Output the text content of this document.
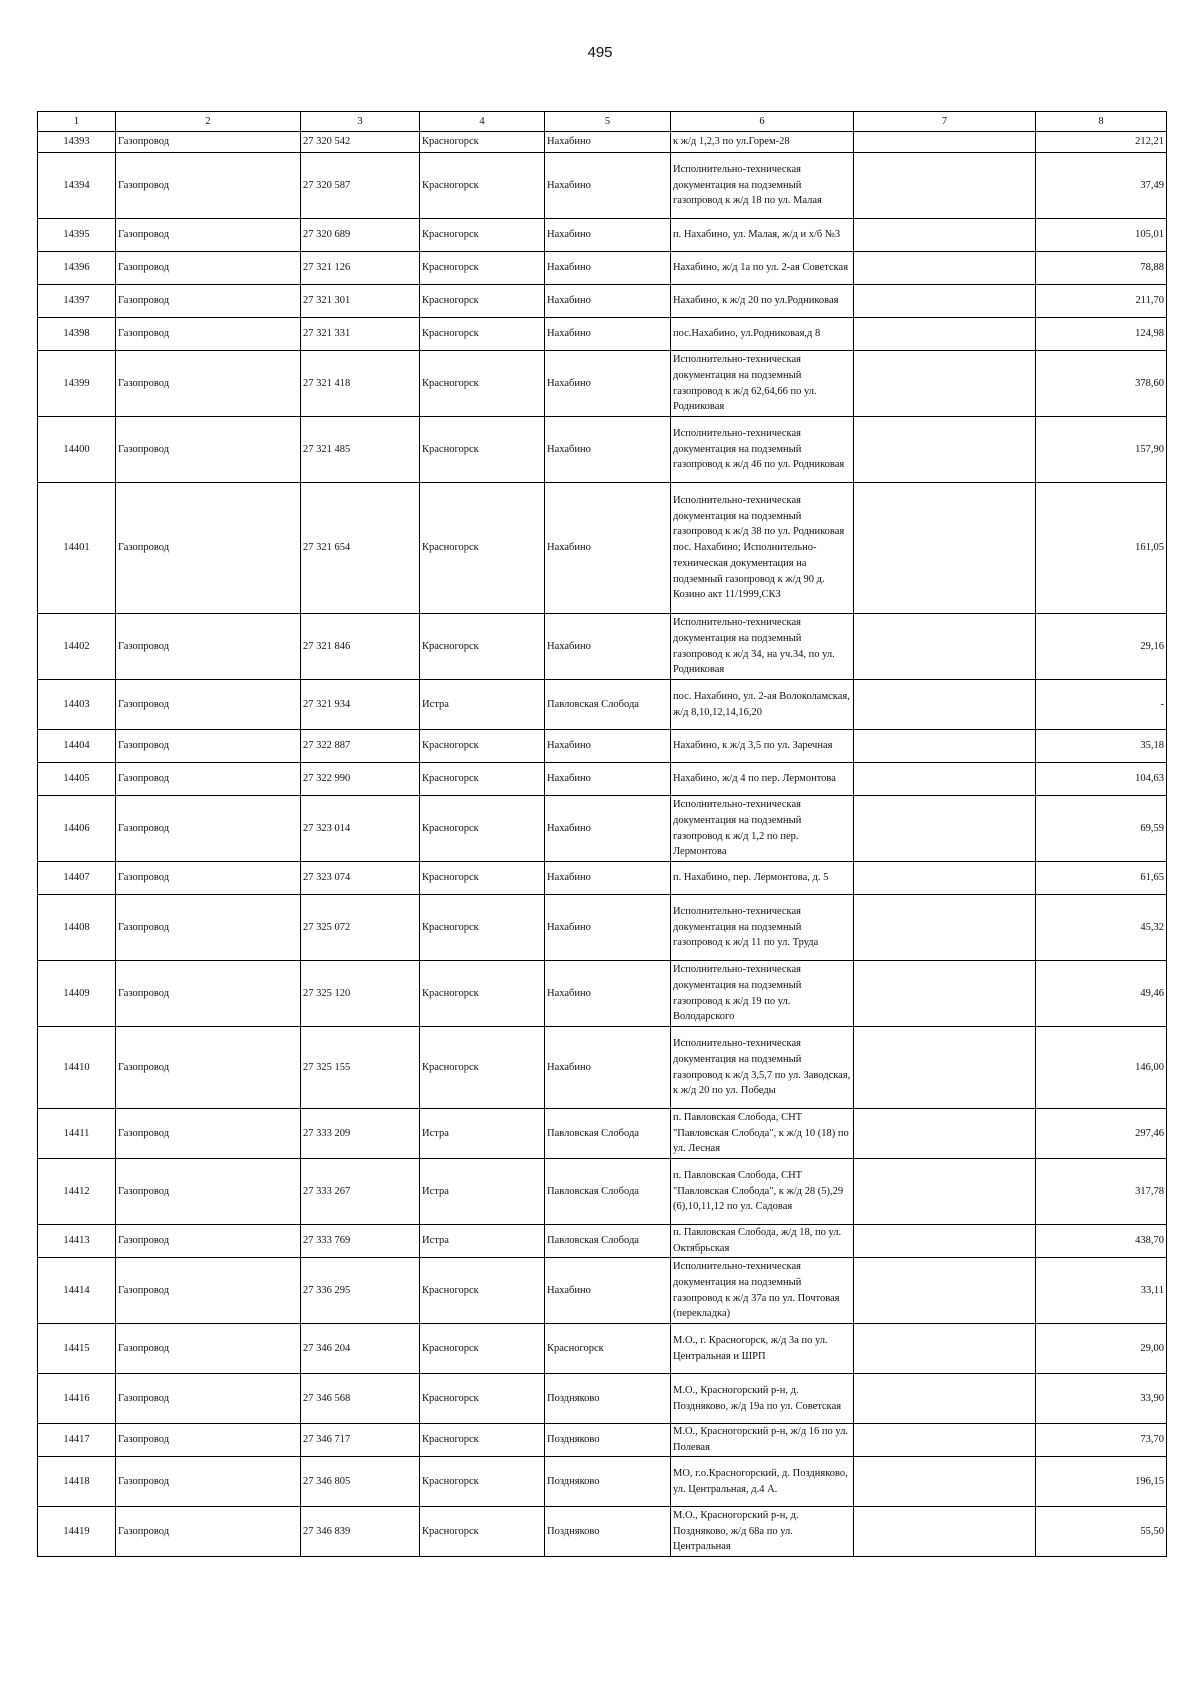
495
1	2	3	4	5	6	7	8
14393	Газопровод	27 320 542	Красногорск	Нахабино	к ж/д 1,2,3 по ул.Горем-28		212,21
14394	Газопровод	27 320 587	Красногорск	Нахабино	Исполнительно-техническая документация на подземный газопровод к ж/д 18 по ул. Малая		37,49
14395	Газопровод	27 320 689	Красногорск	Нахабино	п. Нахабино, ул. Малая, ж/д и х/б №3		105,01
14396	Газопровод	27 321 126	Красногорск	Нахабино	Нахабино, ж/д 1а по ул. 2-ая Советская		78,88
14397	Газопровод	27 321 301	Красногорск	Нахабино	Нахабино, к ж/д 20 по ул.Родниковая		211,70
14398	Газопровод	27 321 331	Красногорск	Нахабино	пос.Нахабино, ул.Родниковая,д 8		124,98
14399	Газопровод	27 321 418	Красногорск	Нахабино	Исполнительно-техническая документация на подземный газопровод к ж/д 62,64,66 по ул. Родниковая		378,60
14400	Газопровод	27 321 485	Красногорск	Нахабино	Исполнительно-техническая документация на подземный газопровод к ж/д 46 по ул. Родниковая		157,90
14401	Газопровод	27 321 654	Красногорск	Нахабино	Исполнительно-техническая документация на подземный газопровод к ж/д 38 по ул. Родниковая пос. Нахабино; Исполнительно-техническая документация на подземный газопровод к ж/д 90 д. Козино акт 11/1999,СКЗ		161,05
14402	Газопровод	27 321 846	Красногорск	Нахабино	Исполнительно-техническая документация на подземный газопровод к ж/д 34, на уч.34, по ул. Родниковая		29,16
14403	Газопровод	27 321 934	Истра	Павловская Слобода	пос. Нахабино, ул. 2-ая Волоколамская, ж/д 8,10,12,14,16,20		-
14404	Газопровод	27 322 887	Красногорск	Нахабино	Нахабино, к ж/д 3,5 по ул. Заречная		35,18
14405	Газопровод	27 322 990	Красногорск	Нахабино	Нахабино, ж/д 4 по пер. Лермонтова		104,63
14406	Газопровод	27 323 014	Красногорск	Нахабино	Исполнительно-техническая документация на подземный газопровод к ж/д 1,2 по пер. Лермонтова		69,59
14407	Газопровод	27 323 074	Красногорск	Нахабино	п. Нахабино, пер. Лермонтова, д. 5		61,65
14408	Газопровод	27 325 072	Красногорск	Нахабино	Исполнительно-техническая документация на подземный газопровод к ж/д 11 по ул. Труда		45,32
14409	Газопровод	27 325 120	Красногорск	Нахабино	Исполнительно-техническая документация на подземный газопровод к ж/д 19 по ул. Володарского		49,46
14410	Газопровод	27 325 155	Красногорск	Нахабино	Исполнительно-техническая документация на подземный газопровод к ж/д 3,5,7 по ул. Заводская, к ж/д 20 по ул. Победы		146,00
14411	Газопровод	27 333 209	Истра	Павловская Слобода	п. Павловская Слобода, СНТ "Павловская Слобода", к ж/д 10 (18) по ул. Лесная		297,46
14412	Газопровод	27 333 267	Истра	Павловская Слобода	п. Павловская Слобода, СНТ "Павловская Слобода", к ж/д 28 (5),29 (6),10,11,12 по ул. Садовая		317,78
14413	Газопровод	27 333 769	Истра	Павловская Слобода	п. Павловская Слобода, ж/д 18, по ул. Октябрьская		438,70
14414	Газопровод	27 336 295	Красногорск	Нахабино	Исполнительно-техническая документация на подземный газопровод к ж/д 37а по ул. Почтовая (перекладка)		33,11
14415	Газопровод	27 346 204	Красногорск	Красногорск	М.О., г. Красногорск, ж/д 3а по ул. Центральная и ШРП		29,00
14416	Газопровод	27 346 568	Красногорск	Поздняково	М.О., Красногорский р-н, д. Поздняково, ж/д 19а по ул. Советская		33,90
14417	Газопровод	27 346 717	Красногорск	Поздняково	М.О., Красногорский р-н, ж/д 16 по ул. Полевая		73,70
14418	Газопровод	27 346 805	Красногорск	Поздняково	МО, г.о.Красногорский, д. Поздняково, ул. Центральная, д.4 А.		196,15
14419	Газопровод	27 346 839	Красногорск	Поздняково	М.О., Красногорский р-н, д. Поздняково, ж/д 68а по ул. Центральная		55,50
